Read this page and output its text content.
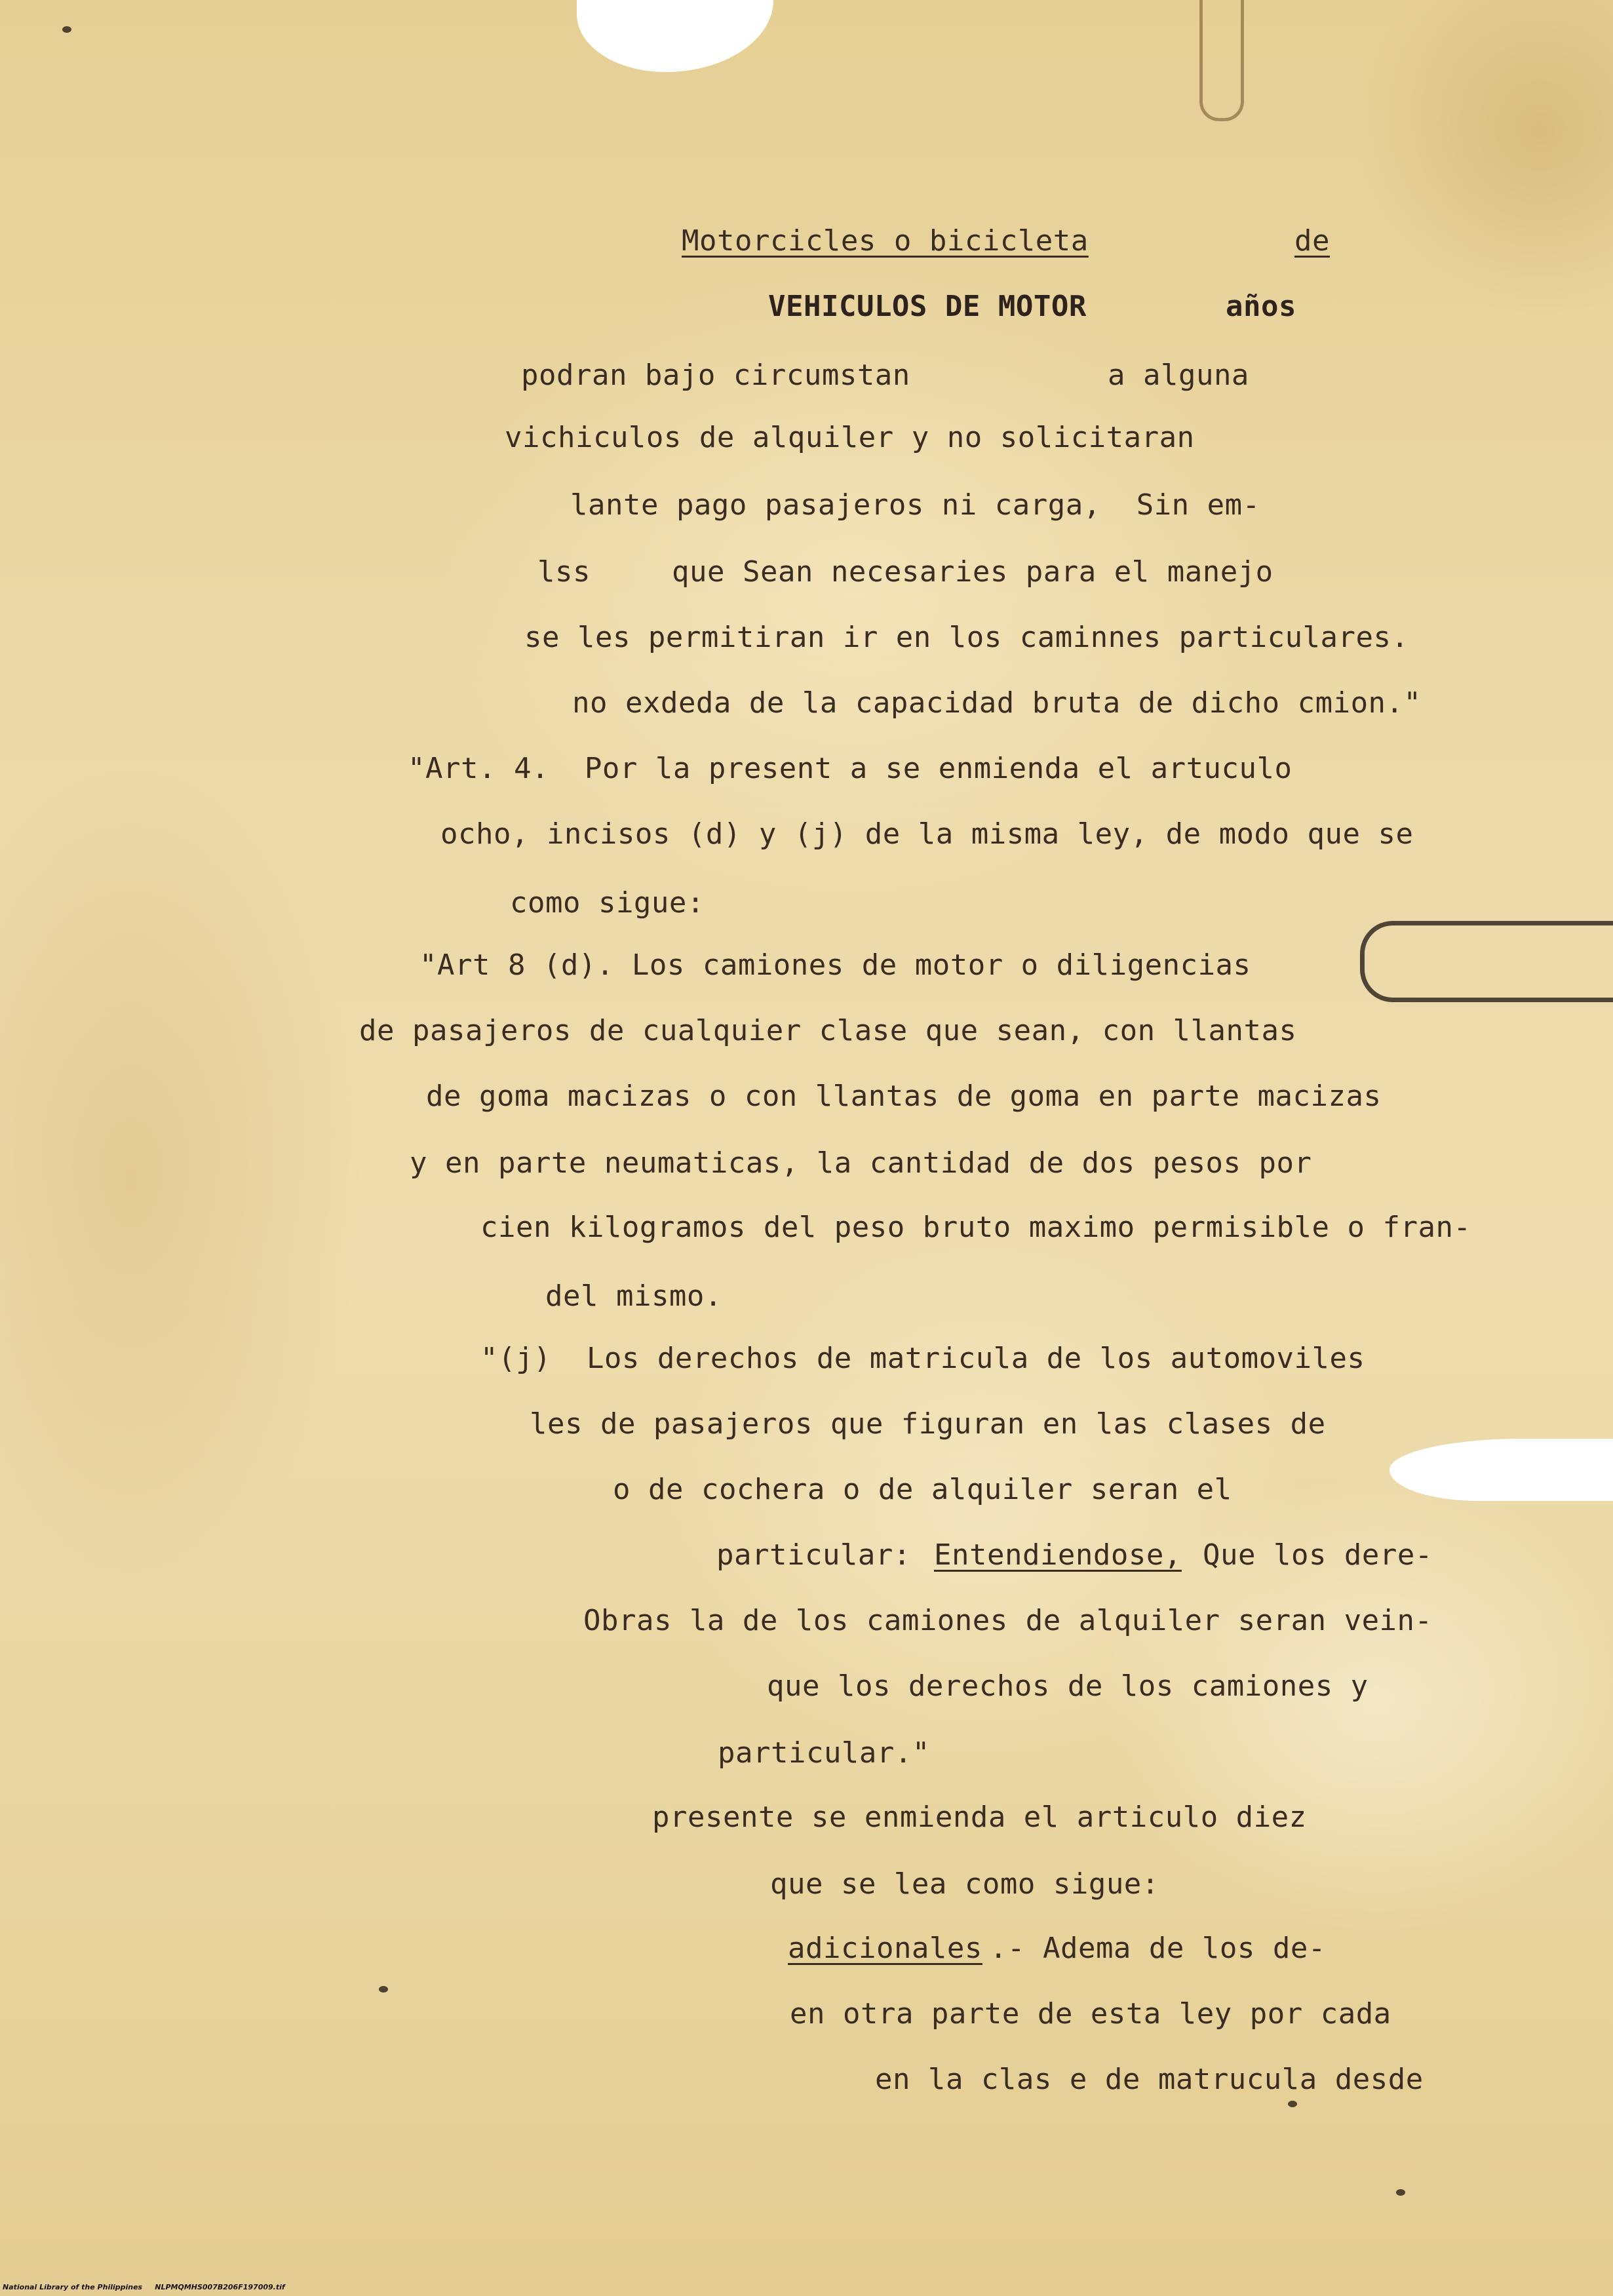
Motorcicles o bicicleta	de

VEHICULOS DE MOTOR	años

podran bajo circumstan	a alguna

vichiculos de alquiler y no solicitaran

lante pago pasajeros ni carga,  Sin em-

lss	que Sean necesaries para el manejo

se les permitiran ir en los caminnes particulares.

no exdeda de la capacidad bruta de dicho cmion."

"Art. 4.  Por la present a se enmienda el artuculo

ocho, incisos (d) y (j) de la misma ley, de modo que se

como sigue:

"Art 8 (d). Los camiones de motor o diligencias

de pasajeros de cualquier clase que sean, con llantas

de goma macizas o con llantas de goma en parte macizas

y en parte neumaticas, la cantidad de dos pesos por

cien kilogramos del peso bruto maximo permisible o fran-

del mismo.

"(j)  Los derechos de matricula de los automoviles

les de pasajeros que figuran en las clases de

o de cochera o de alquiler seran el

particular: Entendiendose, Que los dere-

Obras la de los camiones de alquiler seran vein-

que los derechos de los camiones y

particular."

presente se enmienda el articulo diez

que se lea como sigue:

adicionales .- Adema de los de-

en otra parte de esta ley por cada

en la clas e de matrucula desde

National Library of the Philippines     NLPMQMHS007B206F197009.tif
